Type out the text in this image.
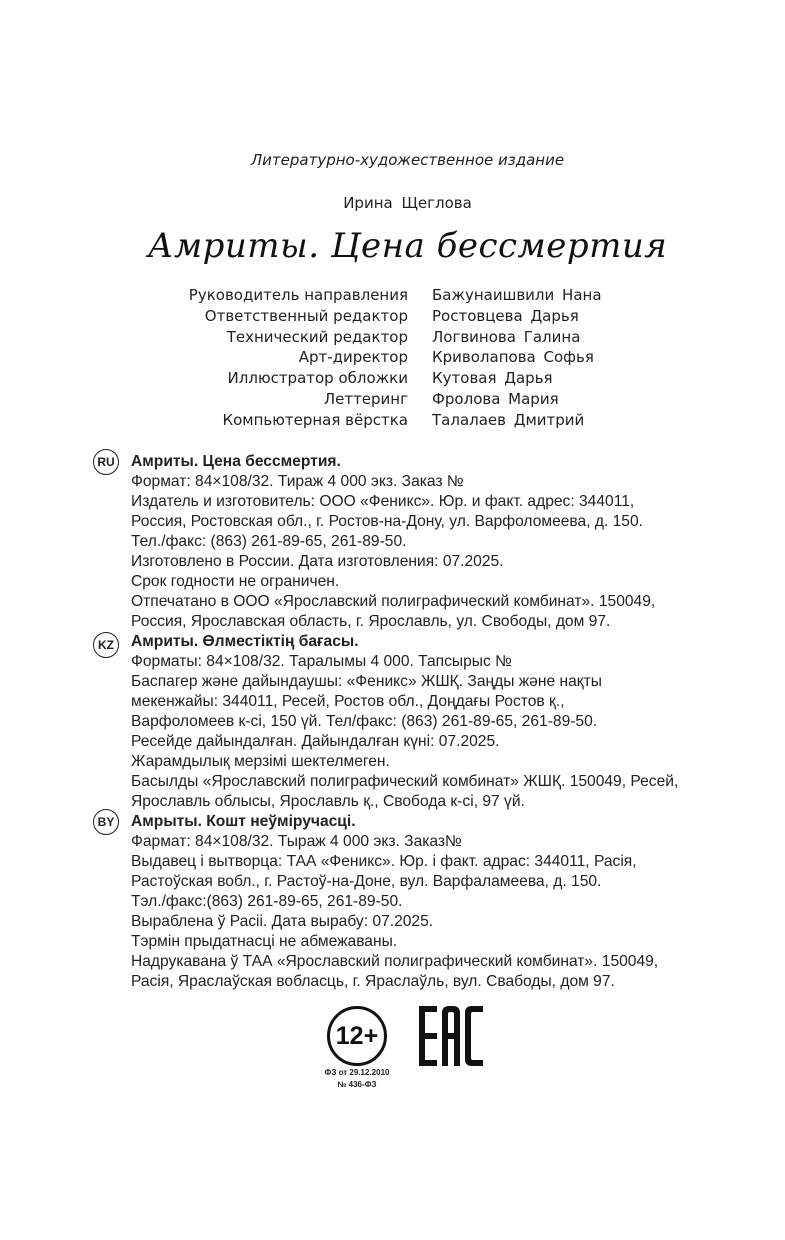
Литературно-художественное издание
Ирина Щеглова
Амриты. Цена бессмертия
Руководитель направления Бажунаишвили Нана
Ответственный редактор Ростовцева Дарья
Технический редактор Логвинова Галина
Арт-директор Криволапова Софья
Иллюстратор обложки Кутовая Дарья
Леттеринг Фролова Мария
Компьютерная вёрстка Талалаев Дмитрий
RU Амриты. Цена бессмертия.
Формат: 84×108/32. Тираж 4 000 экз. Заказ №
Издатель и изготовитель: ООО «Феникс». Юр. и факт. адрес: 344011,
Россия, Ростовская обл., г. Ростов-на-Дону, ул. Варфоломеева, д. 150.
Тел./факс: (863) 261-89-65, 261-89-50.
Изготовлено в России. Дата изготовления: 07.2025.
Срок годности не ограничен.
Отпечатано в ООО «Ярославский полиграфический комбинат». 150049,
Россия, Ярославская область, г. Ярославль, ул. Свободы, дом 97.
KZ	Амриты. Өлместіктің бағасы.
Форматы: 84×108/32. Таралымы 4 000. Тапсырыс №
Баспагер және дайындаушы: «Феникс» ЖШҚ. Заңды және нақты
мекенжайы: 344011, Ресей, Ростов обл., Доңдағы Ростов қ.,
Варфоломеев к-сі, 150 үй. Тел/факс: (863) 261-89-65, 261-89-50.
Ресейде дайындалған. Дайындалған күні: 07.2025.
Жарамдылық мерзімі шектелмеген.
Басылды «Ярославский полиграфический комбинат» ЖШҚ. 150049, Ресей,
Ярославль облысы, Ярославль қ., Свобода к-сі, 97 үй.
BY Амрыты. Кошт неўміручасці.
Фармат: 84×108/32. Тыраж 4 000 экз. Заказ№
Выдавец і вытворца: ТАА «Феникс». Юр. і факт. адрас: 344011, Расія,
Растоўская вобл., г. Растоў-на-Доне, вул. Варфаламеева, д. 150.
Тэл./факс:(863) 261-89-65, 261-89-50.
Выраблена ў Расіі. Дата вырабу: 07.2025.
Тэрмін прыдатнасці не абмежаваны.
Надрукавана ў ТАА «Ярославский полиграфический комбинат». 150049,
Расія, Яраслаўская вобласць, г. Яраслаўль, вул. Свабоды, дом 97.
12+
ФЗ от 29.12.2010
№ 436-ФЗ
